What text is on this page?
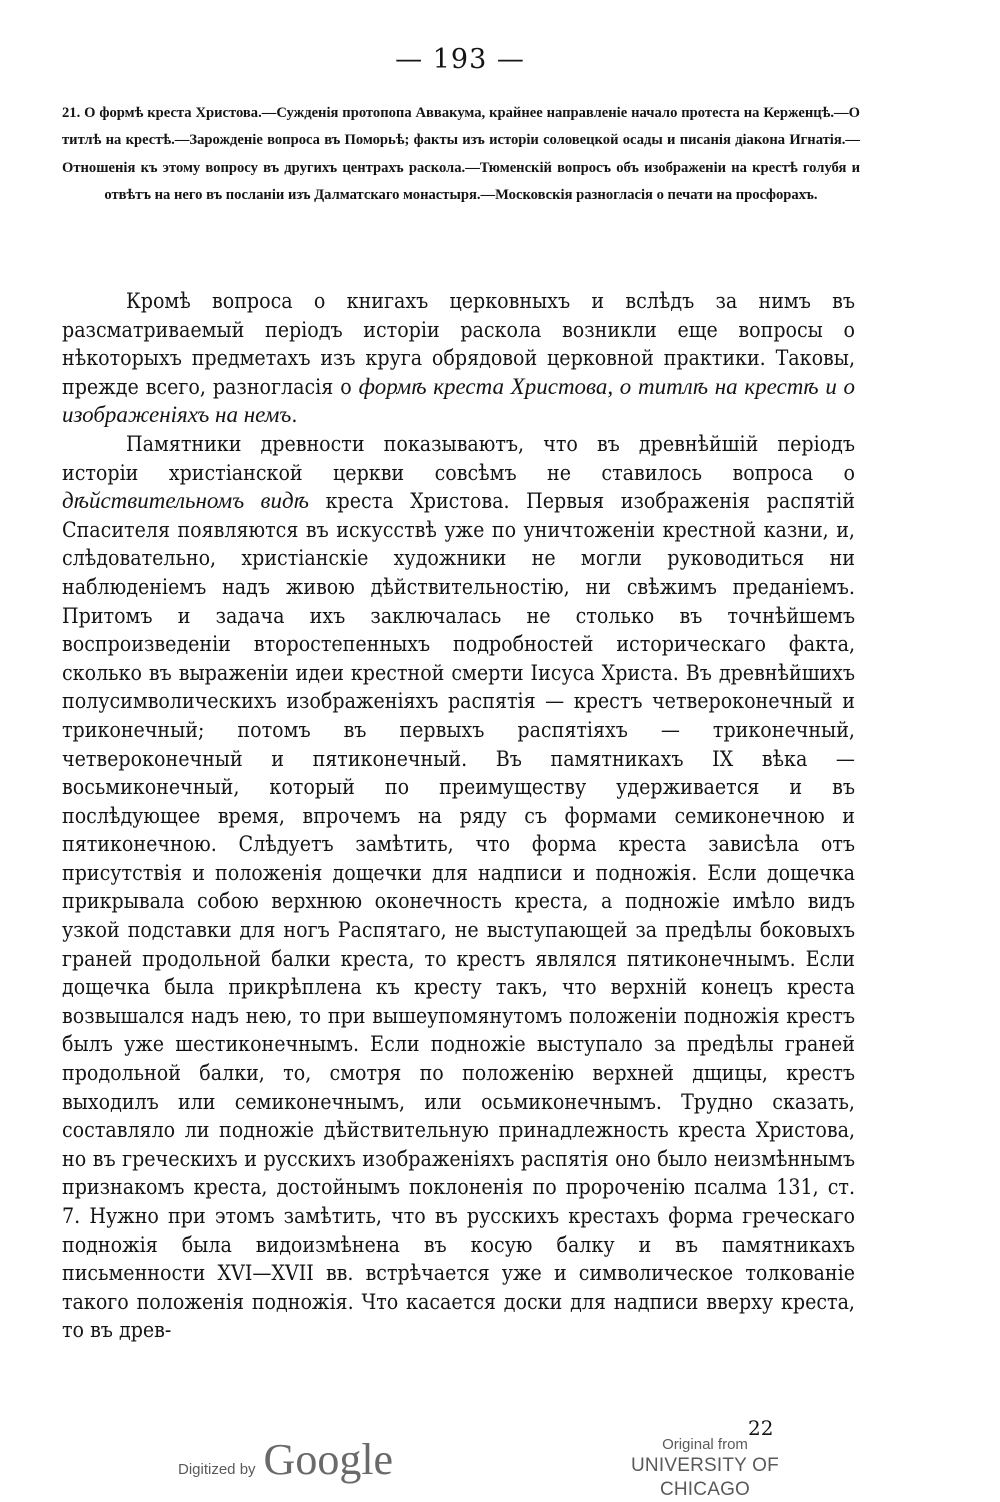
— 193 —

21. О формѣ креста Христова.—Сужденія протопопа Аввакума, крайнее направленіе начало протеста на Керженцѣ.—О титлѣ на крестѣ.—Зарожденіе вопроса въ Поморьѣ; факты изъ исторіи соловецкой осады и писанія діакона Игнатія.—Отношенія къ этому вопросу въ другихъ центрахъ раскола.—Тюменскій вопросъ объ изображеніи на крестѣ голубя и отвѣтъ на него въ посланіи изъ Далматскаго монастыря.—Московскія разногласія о печати на просфорахъ.

Кромѣ вопроса о книгахъ церковныхъ и вслѣдъ за нимъ въ разсматриваемый періодъ исторіи раскола возникли еще вопросы о нѣкоторыхъ предметахъ изъ круга обрядовой церковной практики. Таковы, прежде всего, разногласія о формѣ креста Христова, о титлѣ на крестѣ и о изображеніяхъ на немъ.

Памятники древности показываютъ, что въ древнѣйшій періодъ исторіи христіанской церкви совсѣмъ не ставилось вопроса о дѣйствительномъ видѣ креста Христова. Первыя изображенія распятій Спасителя появляются въ искусствѣ уже по уничтоженіи крестной казни, и, слѣдовательно, христіанскіе художники не могли руководиться ни наблюденіемъ надъ живою дѣйствительностію, ни свѣжимъ преданіемъ. Притомъ и задача ихъ заключалась не столько въ точнѣйшемъ воспроизведеніи второстепенныхъ подробностей историческаго факта, сколько въ выраженіи идеи крестной смерти Іисуса Христа. Въ древнѣйшихъ полусимволическихъ изображеніяхъ распятія — крестъ четвероконечный и триконечный; потомъ въ первыхъ распятіяхъ — триконечный, четвероконечный и пятиконечный. Въ памятникахъ IX вѣка — восьмиконечный, который по преимуществу удерживается и въ послѣдующее время, впрочемъ на ряду съ формами семиконечною и пятиконечною. Слѣдуетъ замѣтить, что форма креста зависѣла отъ присутствія и положенія дощечки для надписи и подножія. Если дощечка прикрывала собою верхнюю оконечность креста, а подножіе имѣло видъ узкой подставки для ногъ Распятаго, не выступающей за предѣлы боковыхъ граней продольной балки креста, то крестъ являлся пятиконечнымъ. Если дощечка была прикрѣплена къ кресту такъ, что верхній конецъ креста возвышался надъ нею, то при вышеупомянутомъ положеніи подножія крестъ былъ уже шестиконечнымъ. Если подножіе выступало за предѣлы граней продольной балки, то, смотря по положенію верхней дщицы, крестъ выходилъ или семиконечнымъ, или осьмиконечнымъ. Трудно сказать, составляло ли подножіе дѣйствительную принадлежность креста Христова, но въ греческихъ и русскихъ изображеніяхъ распятія оно было неизмѣннымъ признакомъ креста, достойнымъ поклоненія по пророченію псалма 131, ст. 7. Нужно при этомъ замѣтить, что въ русскихъ крестахъ форма греческаго подножія была видоизмѣнена въ косую балку и въ памятникахъ письменности XVI—XVII вв. встрѣчается уже и символическое толкованіе такого положенія подножія. Что касается доски для надписи вверху креста, то въ древ-

22
Digitized by Google	Original from
UNIVERSITY OF CHICAGO
